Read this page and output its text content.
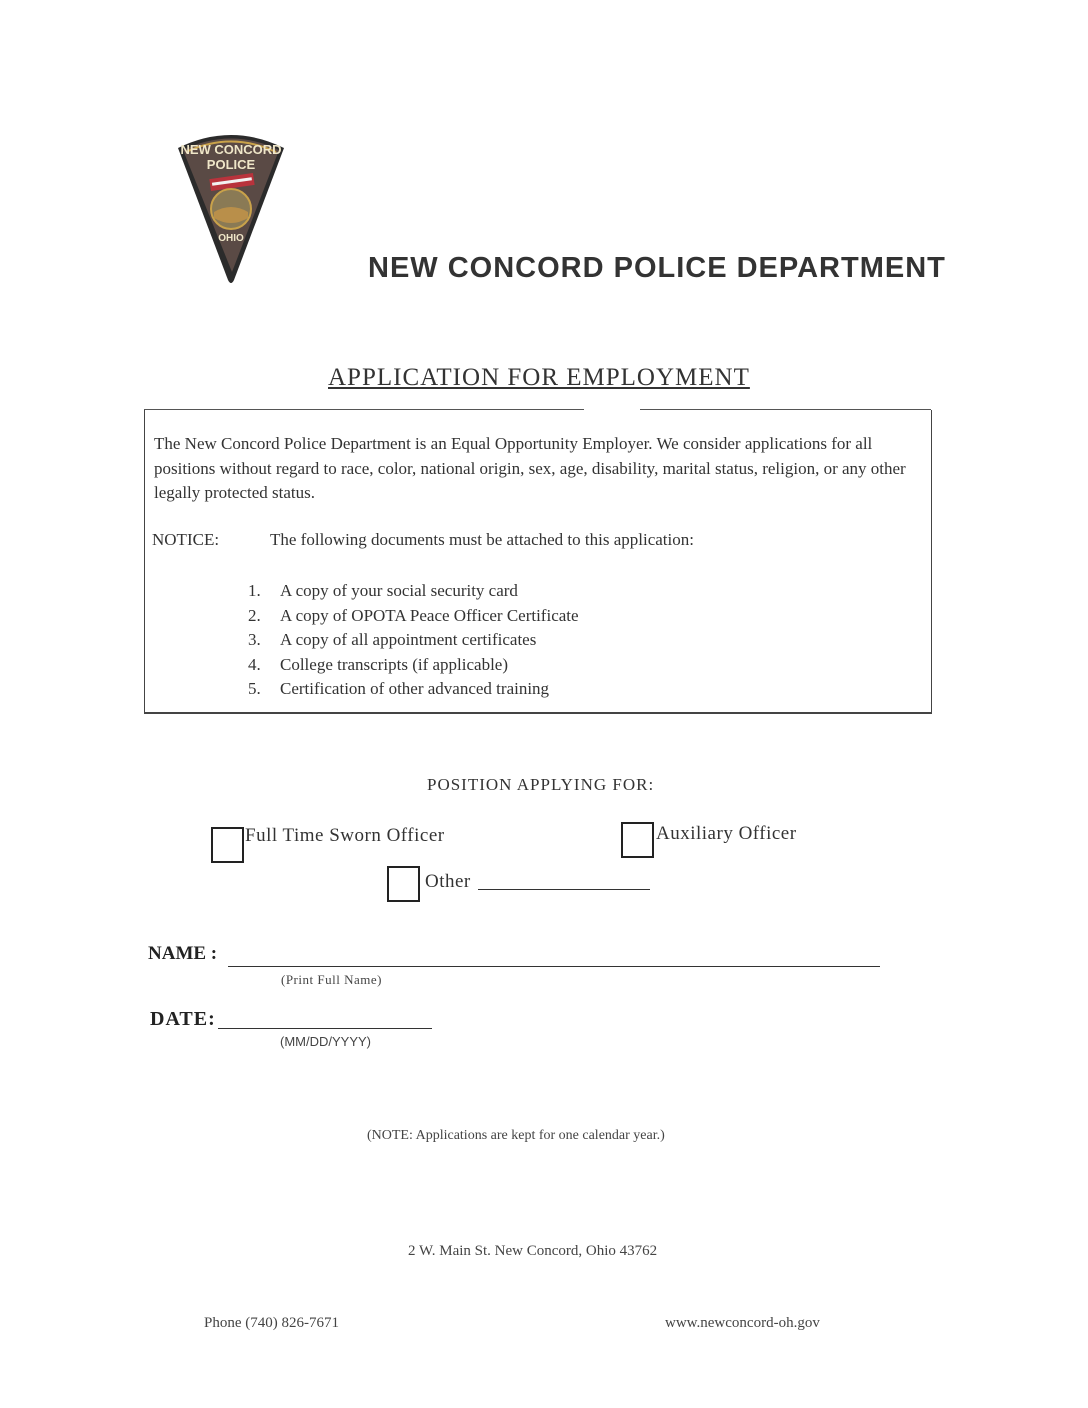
NEW CONCORD
POLICE
OHIO
NEW CONCORD POLICE DEPARTMENT
APPLICATION FOR EMPLOYMENT
The New Concord Police Department is an Equal Opportunity Employer. We consider applications for all positions without regard to race, color, national origin, sex, age, disability, marital status, religion, or any other legally protected status.
NOTICE:	The following documents must be attached to this application:
1. A copy of your social security card
2. A copy of OPOTA Peace Officer Certificate
3. A copy of all appointment certificates
4. College transcripts (if applicable)
5. Certification of other advanced training
POSITION APPLYING FOR:
Full Time Sworn Officer	Auxiliary Officer
Other
NAME :
(Print Full Name)
DATE:
(MM/DD/YYYY)
(NOTE: Applications are kept for one calendar year.)
2 W. Main St. New Concord, Ohio 43762
Phone (740) 826-7671	www.newconcord-oh.gov
